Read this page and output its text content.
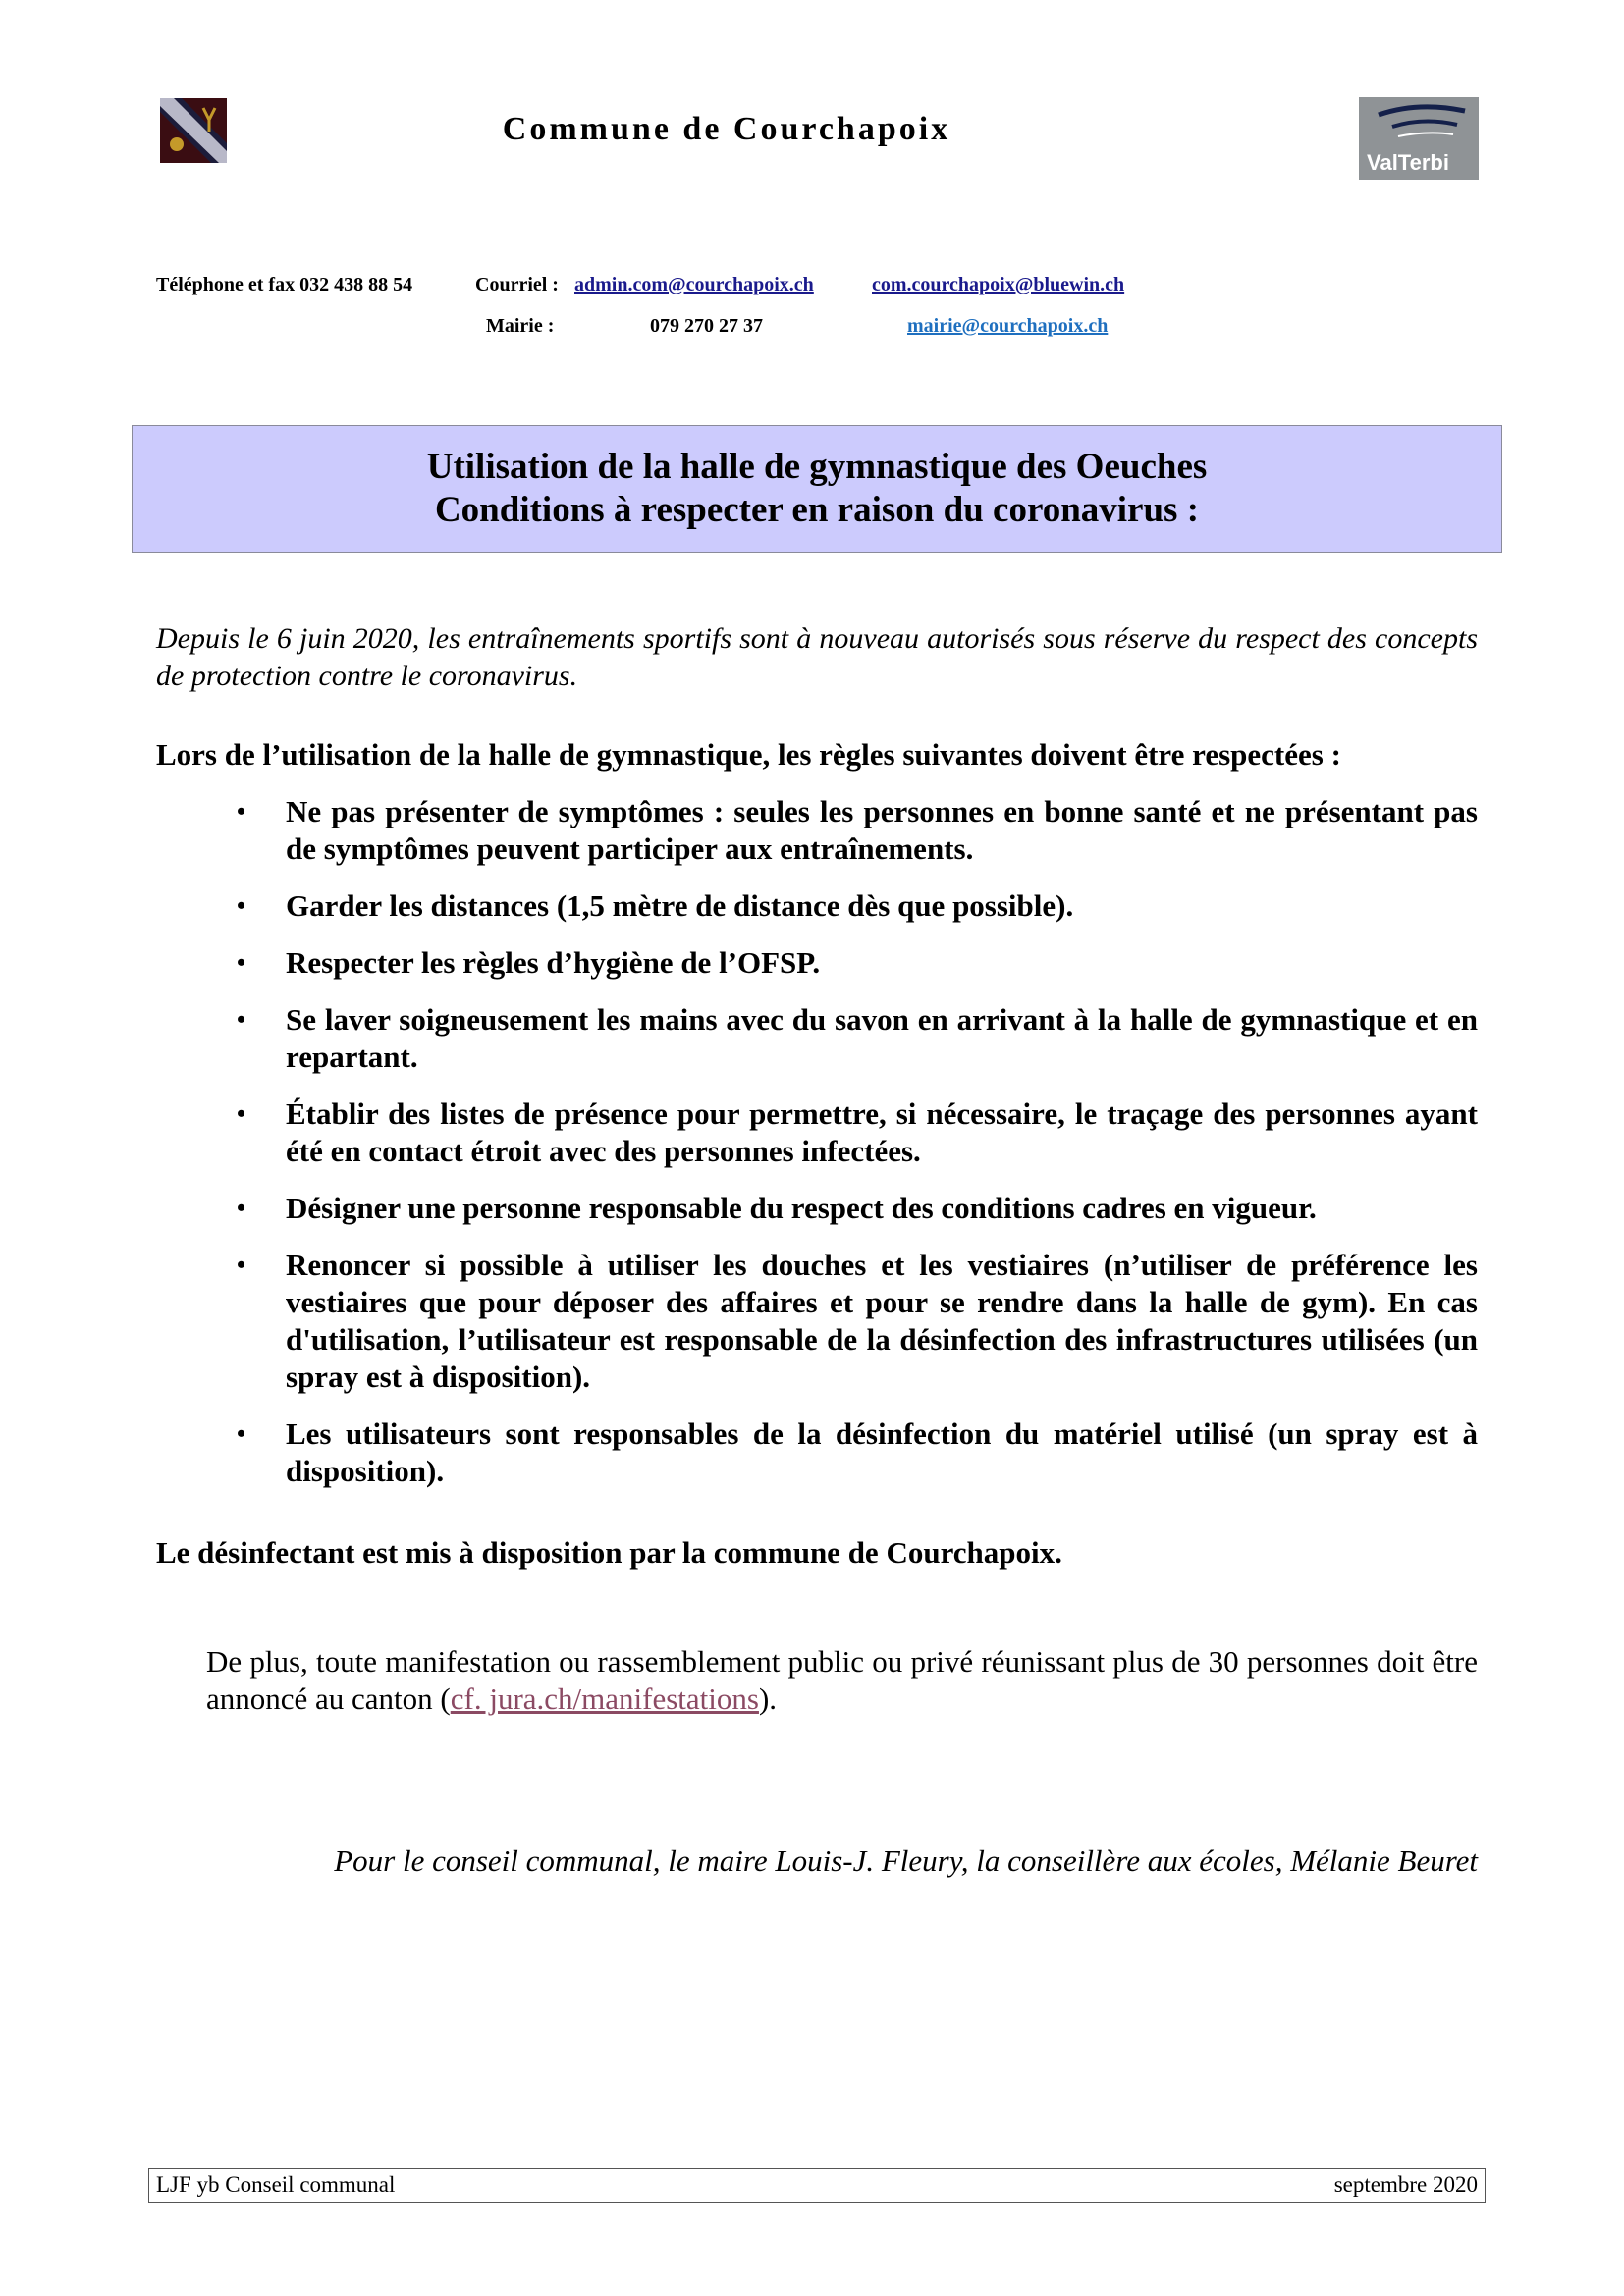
Commune de Courchapoix
ValTerbi
Téléphone et fax 032 438 88 54	Courriel : admin.com@courchapoix.ch	com.courchapoix@bluewin.ch
Mairie :	079 270 27 37	mairie@courchapoix.ch
Utilisation de la halle de gymnastique des Oeuches
Conditions à respecter en raison du coronavirus :
Depuis le 6 juin 2020, les entraînements sportifs sont à nouveau autorisés sous réserve du respect des concepts de protection contre le coronavirus.
Lors de l’utilisation de la halle de gymnastique, les règles suivantes doivent être respectées :
• Ne pas présenter de symptômes : seules les personnes en bonne santé et ne présentant pas de symptômes peuvent participer aux entraînements.
• Garder les distances (1,5 mètre de distance dès que possible).
• Respecter les règles d’hygiène de l’OFSP.
• Se laver soigneusement les mains avec du savon en arrivant à la halle de gymnastique et en repartant.
• Établir des listes de présence pour permettre, si nécessaire, le traçage des personnes ayant été en contact étroit avec des personnes infectées.
• Désigner une personne responsable du respect des conditions cadres en vigueur.
• Renoncer si possible à utiliser les douches et les vestiaires (n’utiliser de préférence les vestiaires que pour déposer des affaires et pour se rendre dans la halle de gym). En cas d'utilisation, l’utilisateur est responsable de la désinfection des infrastructures utilisées (un spray est à disposition).
• Les utilisateurs sont responsables de la désinfection du matériel utilisé (un spray est à disposition).
Le désinfectant est mis à disposition par la commune de Courchapoix.
De plus, toute manifestation ou rassemblement public ou privé réunissant plus de 30 personnes doit être annoncé au canton (cf. jura.ch/manifestations).
Pour le conseil communal, le maire Louis-J. Fleury, la conseillère aux écoles, Mélanie Beuret
LJF yb Conseil communal	septembre 2020
